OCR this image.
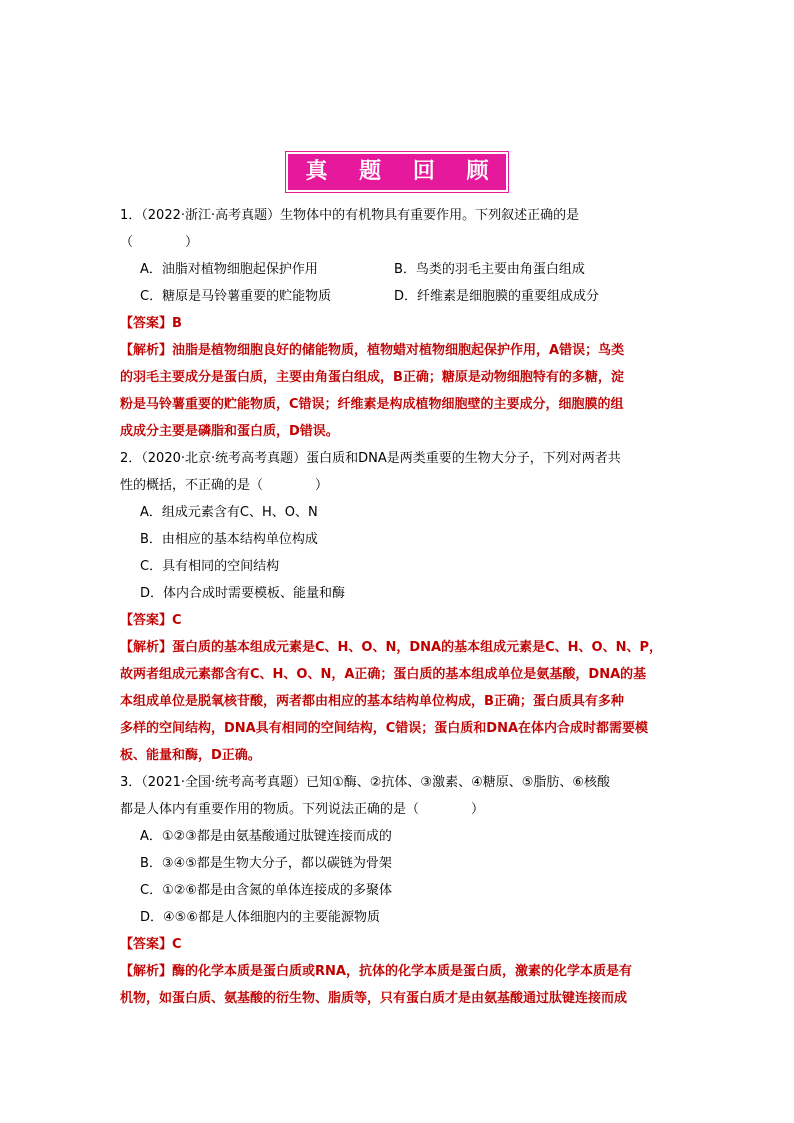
真 题 回 顾
1．（2022·浙江·高考真题）生物体中的有机物具有重要作用。下列叙述正确的是
（　　　　）
A．油脂对植物细胞起保护作用	B．鸟类的羽毛主要由角蛋白组成
C．糖原是马铃薯重要的贮能物质	D．纤维素是细胞膜的重要组成成分
【答案】B
【解析】油脂是植物细胞良好的储能物质，植物蜡对植物细胞起保护作用，A错误；鸟类
的羽毛主要成分是蛋白质，主要由角蛋白组成，B正确；糖原是动物细胞特有的多糖，淀
粉是马铃薯重要的贮能物质，C错误；纤维素是构成植物细胞壁的主要成分，细胞膜的组
成成分主要是磷脂和蛋白质，D错误。
2．（2020·北京·统考高考真题）蛋白质和DNA是两类重要的生物大分子，下列对两者共
性的概括，不正确的是（　　　　）
A．组成元素含有C、H、O、N
B．由相应的基本结构单位构成
C．具有相同的空间结构
D．体内合成时需要模板、能量和酶
【答案】C
【解析】蛋白质的基本组成元素是C、H、O、N，DNA的基本组成元素是C、H、O、N、P，
故两者组成元素都含有C、H、O、N，A正确；蛋白质的基本组成单位是氨基酸，DNA的基
本组成单位是脱氧核苷酸，两者都由相应的基本结构单位构成，B正确；蛋白质具有多种
多样的空间结构，DNA具有相同的空间结构，C错误；蛋白质和DNA在体内合成时都需要模
板、能量和酶，D正确。
3．（2021·全国·统考高考真题）已知①酶、②抗体、③激素、④糖原、⑤脂肪、⑥核酸
都是人体内有重要作用的物质。下列说法正确的是（　　　　）
A．①②③都是由氨基酸通过肽键连接而成的
B．③④⑤都是生物大分子，都以碳链为骨架
C．①②⑥都是由含氮的单体连接成的多聚体
D．④⑤⑥都是人体细胞内的主要能源物质
【答案】C
【解析】酶的化学本质是蛋白质或RNA，抗体的化学本质是蛋白质，激素的化学本质是有
机物，如蛋白质、氨基酸的衍生物、脂质等，只有蛋白质才是由氨基酸通过肽键连接而成
